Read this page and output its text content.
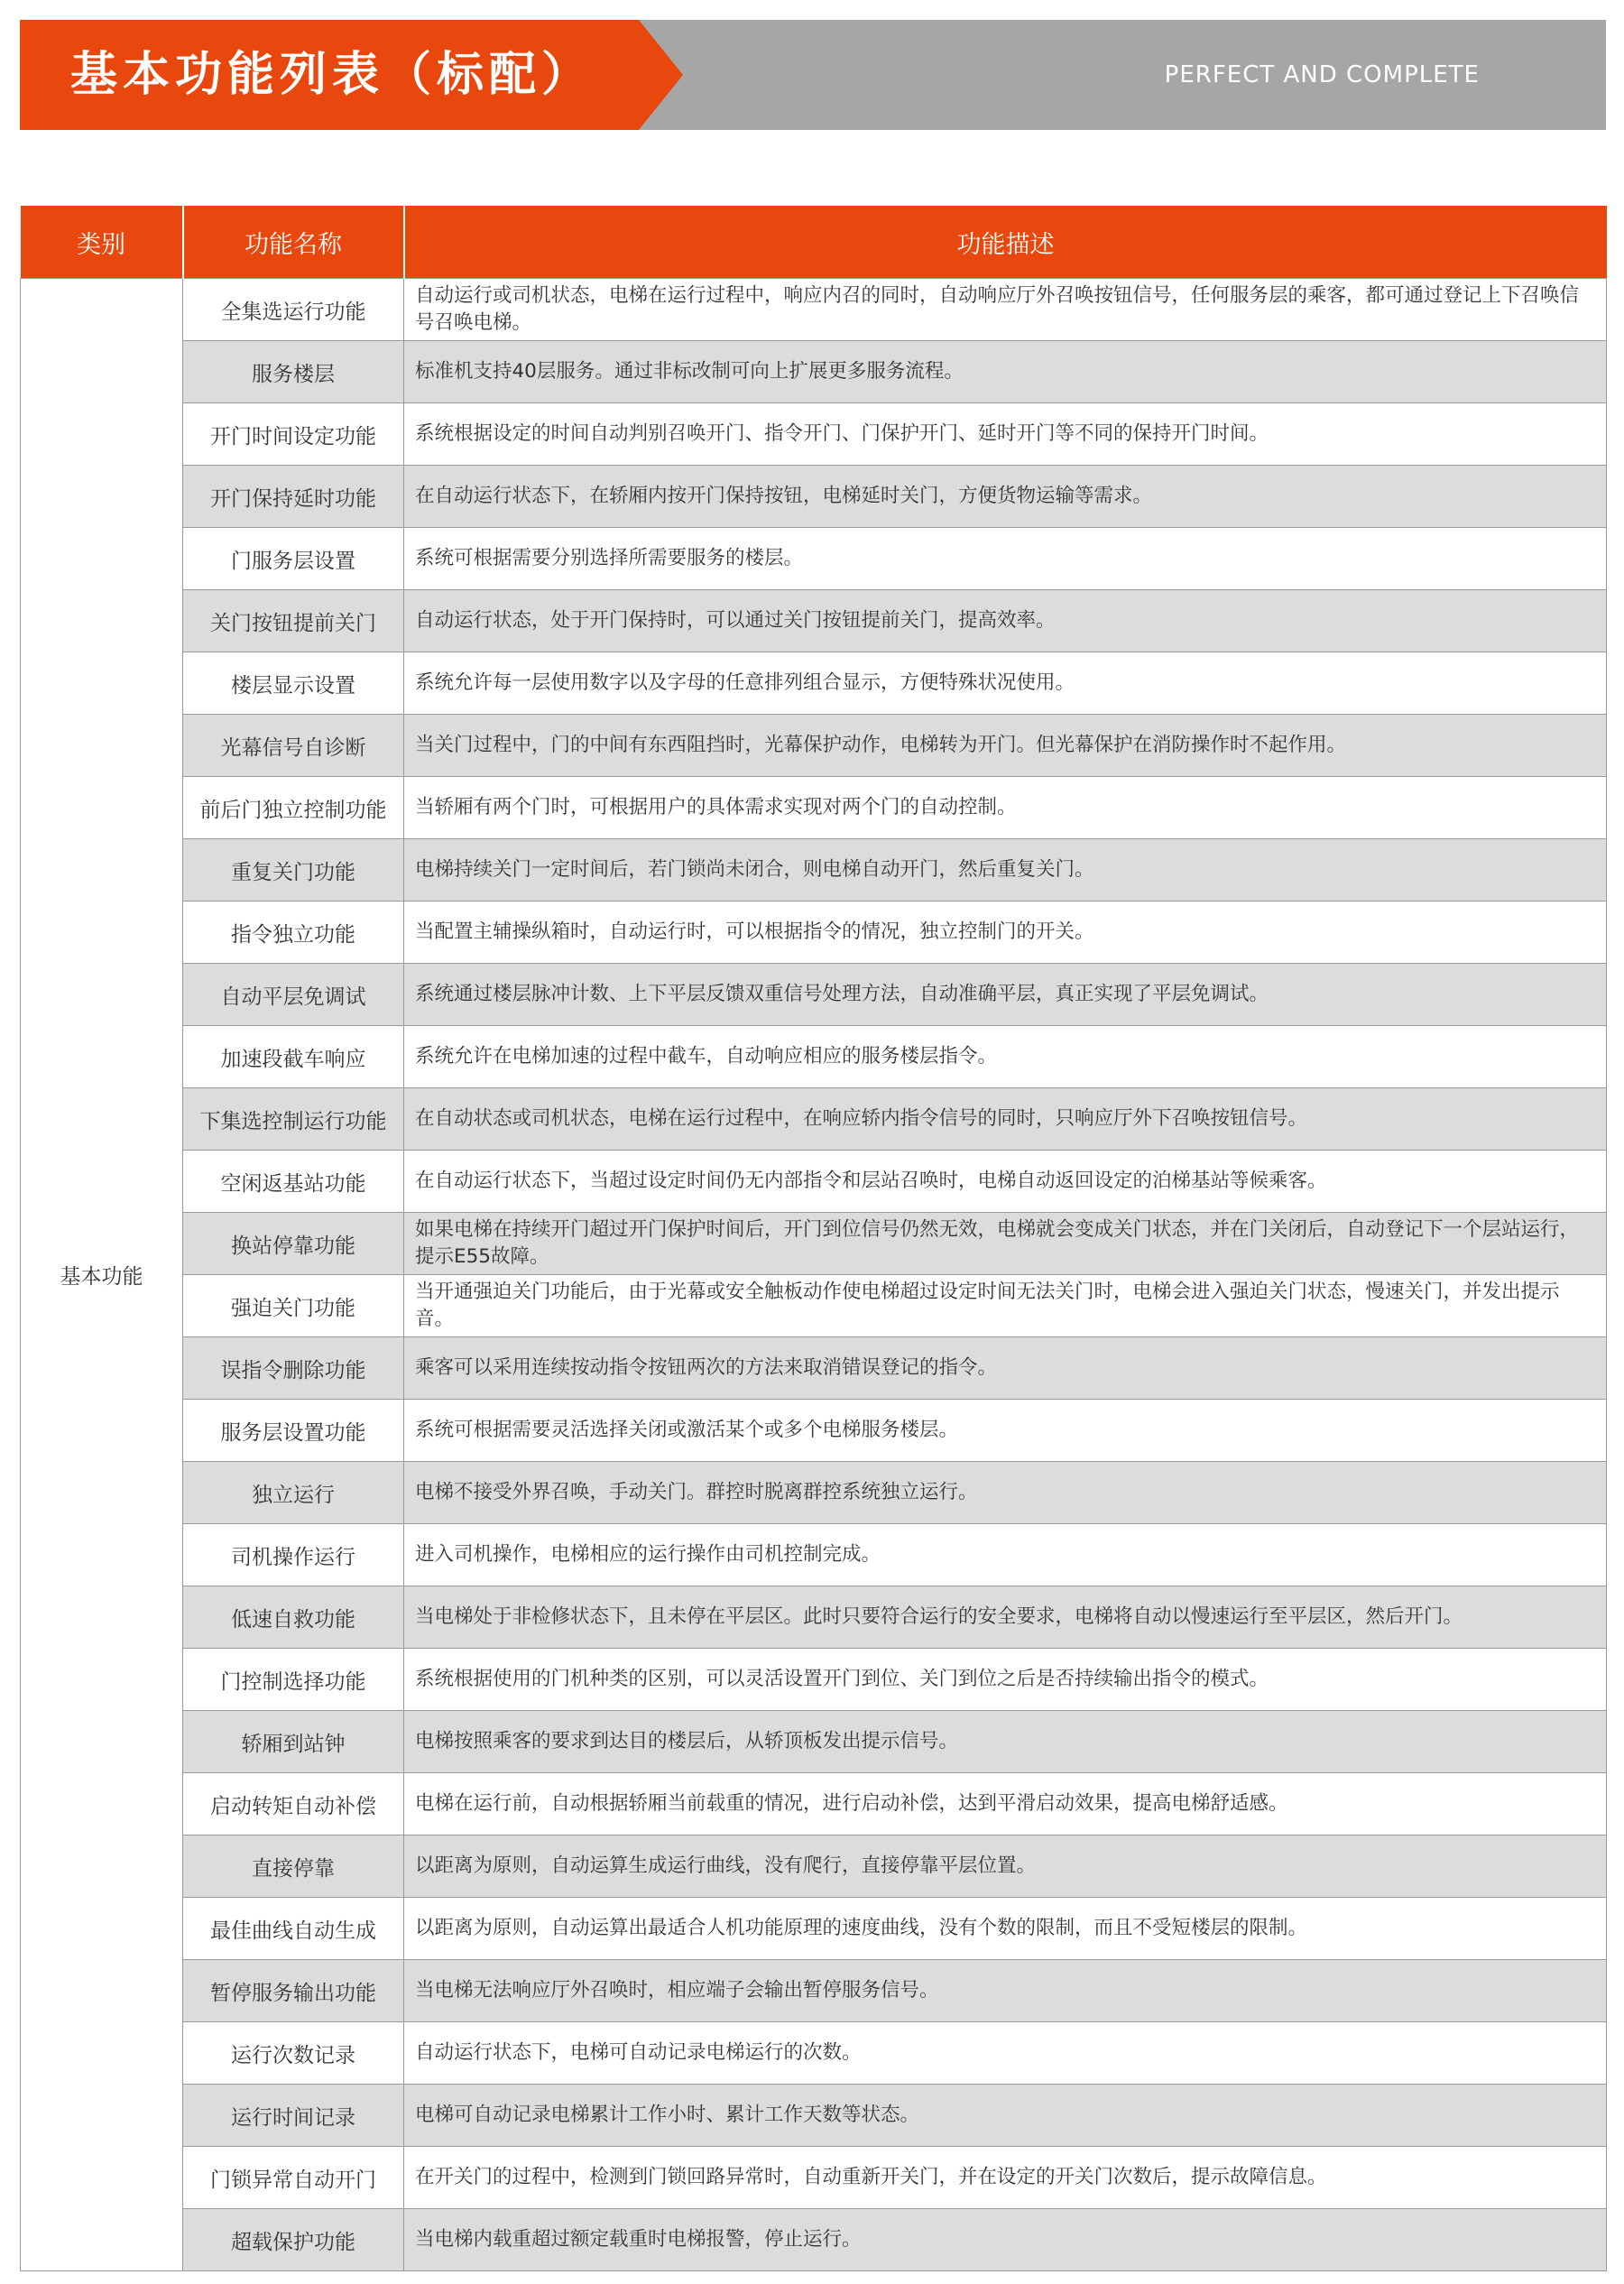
基本功能列表（标配）	PERFECT AND COMPLETE
类别	功能名称	功能描述
基本功能	全集选运行功能	自动运行或司机状态，电梯在运行过程中，响应内召的同时，自动响应厅外召唤按钮信号，任何服务层的乘客，都可通过登记上下召唤信号召唤电梯。
	服务楼层	标准机支持40层服务。通过非标改制可向上扩展更多服务流程。
	开门时间设定功能	系统根据设定的时间自动判别召唤开门、指令开门、门保护开门、延时开门等不同的保持开门时间。
	开门保持延时功能	在自动运行状态下，在轿厢内按开门保持按钮，电梯延时关门，方便货物运输等需求。
	门服务层设置	系统可根据需要分别选择所需要服务的楼层。
	关门按钮提前关门	自动运行状态，处于开门保持时，可以通过关门按钮提前关门，提高效率。
	楼层显示设置	系统允许每一层使用数字以及字母的任意排列组合显示，方便特殊状况使用。
	光幕信号自诊断	当关门过程中，门的中间有东西阻挡时，光幕保护动作，电梯转为开门。但光幕保护在消防操作时不起作用。
	前后门独立控制功能	当轿厢有两个门时，可根据用户的具体需求实现对两个门的自动控制。
	重复关门功能	电梯持续关门一定时间后，若门锁尚未闭合，则电梯自动开门，然后重复关门。
	指令独立功能	当配置主辅操纵箱时，自动运行时，可以根据指令的情况，独立控制门的开关。
	自动平层免调试	系统通过楼层脉冲计数、上下平层反馈双重信号处理方法，自动准确平层，真正实现了平层免调试。
	加速段截车响应	系统允许在电梯加速的过程中截车，自动响应相应的服务楼层指令。
	下集选控制运行功能	在自动状态或司机状态，电梯在运行过程中，在响应轿内指令信号的同时，只响应厅外下召唤按钮信号。
	空闲返基站功能	在自动运行状态下，当超过设定时间仍无内部指令和层站召唤时，电梯自动返回设定的泊梯基站等候乘客。
	换站停靠功能	如果电梯在持续开门超过开门保护时间后，开门到位信号仍然无效，电梯就会变成关门状态，并在门关闭后，自动登记下一个层站运行，提示E55故障。
	强迫关门功能	当开通强迫关门功能后，由于光幕或安全触板动作使电梯超过设定时间无法关门时，电梯会进入强迫关门状态，慢速关门，并发出提示音。
	误指令删除功能	乘客可以采用连续按动指令按钮两次的方法来取消错误登记的指令。
	服务层设置功能	系统可根据需要灵活选择关闭或激活某个或多个电梯服务楼层。
	独立运行	电梯不接受外界召唤，手动关门。群控时脱离群控系统独立运行。
	司机操作运行	进入司机操作，电梯相应的运行操作由司机控制完成。
	低速自救功能	当电梯处于非检修状态下，且未停在平层区。此时只要符合运行的安全要求，电梯将自动以慢速运行至平层区，然后开门。
	门控制选择功能	系统根据使用的门机种类的区别，可以灵活设置开门到位、关门到位之后是否持续输出指令的模式。
	轿厢到站钟	电梯按照乘客的要求到达目的楼层后，从轿顶板发出提示信号。
	启动转矩自动补偿	电梯在运行前，自动根据轿厢当前载重的情况，进行启动补偿，达到平滑启动效果，提高电梯舒适感。
	直接停靠	以距离为原则，自动运算生成运行曲线，没有爬行，直接停靠平层位置。
	最佳曲线自动生成	以距离为原则，自动运算出最适合人机功能原理的速度曲线，没有个数的限制，而且不受短楼层的限制。
	暂停服务输出功能	当电梯无法响应厅外召唤时，相应端子会输出暂停服务信号。
	运行次数记录	自动运行状态下，电梯可自动记录电梯运行的次数。
	运行时间记录	电梯可自动记录电梯累计工作小时、累计工作天数等状态。
	门锁异常自动开门	在开关门的过程中，检测到门锁回路异常时，自动重新开关门，并在设定的开关门次数后，提示故障信息。
	超载保护功能	当电梯内载重超过额定载重时电梯报警，停止运行。
